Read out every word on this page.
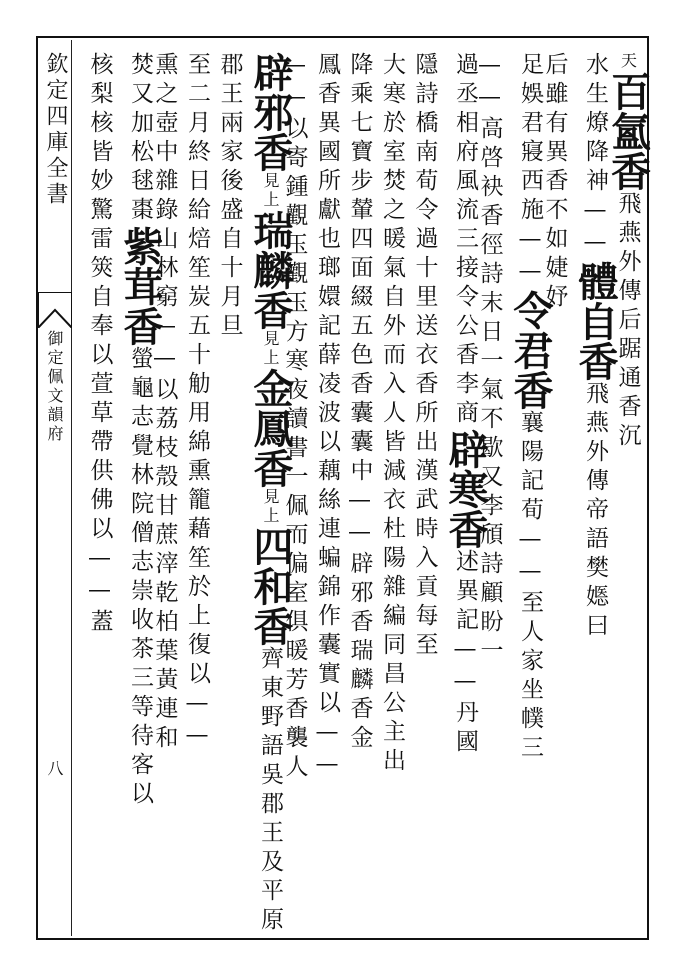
欽定四庫全書
御定佩文韻府
八
天百氳香飛燕外傳后踞通香沉
水生燎降神——體自香飛燕外傳帝語樊嫕曰
后雖有異香不如婕妤
足娛君寢西施——令君香襄陽記荀——至人家坐幞三
——高啓袂香徑詩末日一氣不歇又李頎詩顧盼一
過丞相府風流三接令公香李商辟寒香述異記——丹國
隱詩橋南荀令過十里送衣香所出漢武時入貢每至
大寒於室焚之暖氣自外而入人皆減衣杜陽雜編同昌公主出
降乘七寶步輦四面綴五色香囊囊中——辟邪香瑞麟香金
鳳香異國所獻也瑯嬛記薛凌波以藕絲連蝙錦作囊實以——
——以寄鍾觀玉觀玉方寒夜讀書一佩而偏室俱暖芳香襲人
辟邪香見上瑞麟香見上金鳳香見上四和香齊東野語吳郡王及平原
郡王兩家後盛自十月旦
至二月終日給焙笙炭五十觔用綿熏籠藉笙於上復以——
熏之壺中雜錄山林窮——以荔枝殼甘蔗滓乾柏葉黃連和
焚又加松毬棗紫茸香螢龜志覺林院僧志崇收茶三等待客以
核梨核皆妙驚雷筴自奉以萱草帶供佛以——蓋
